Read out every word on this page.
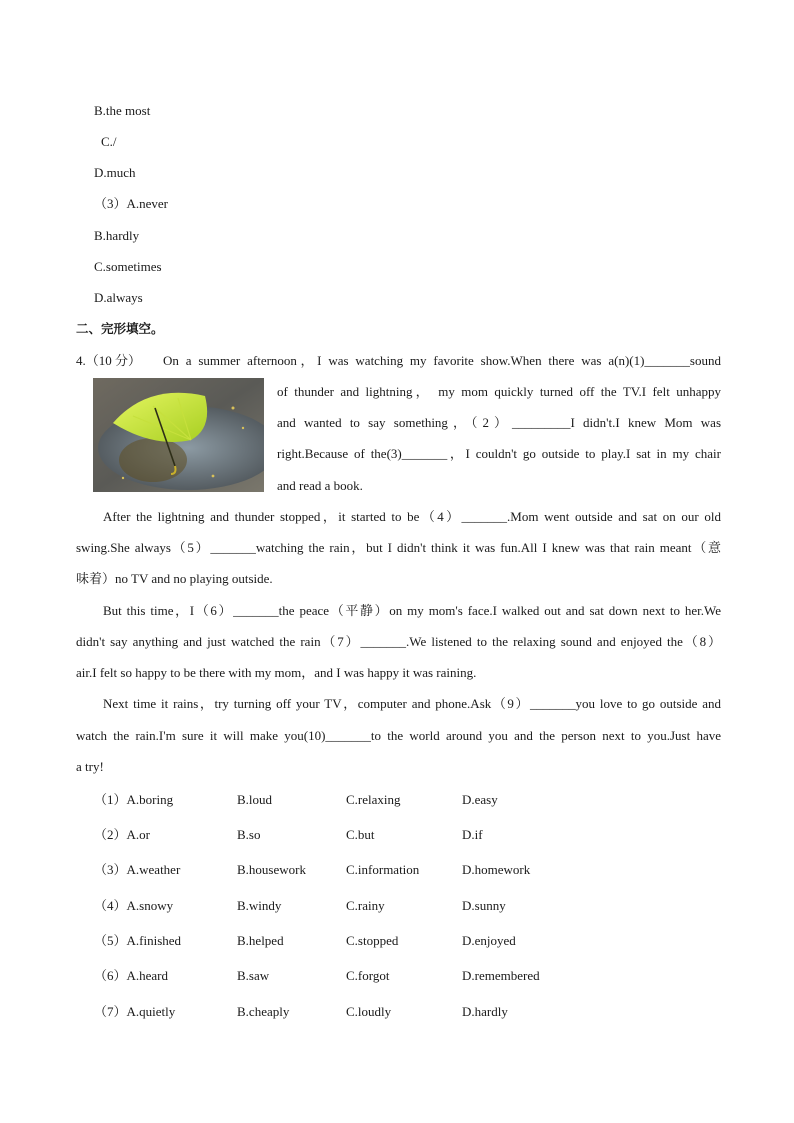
B.the most
C./
D.much
（3）A.never
B.hardly
C.sometimes
D.always
二、完形填空。
4.（10 分） On a summer afternoon，I was watching my favorite show.When there was a(n)(1)_______sound
of thunder and lightning， my mom quickly turned off the TV.I felt unhappy
and wanted to say something，（2）_________I didn't.I knew Mom was
right.Because of the(3)_______，I couldn't go outside to play.I sat in my chair
and read a book.
After the lightning and thunder stopped，it started to be（4）_______.Mom went outside and sat on our old
swing.She always（5）_______watching the rain，but I didn't think it was fun.All I knew was that rain meant（意
味着）no TV and no playing outside.
But this time，I（6）_______the peace（平静）on my mom's face.I walked out and sat down next to her.We
didn't say anything and just watched the rain（7）_______.We listened to the relaxing sound and enjoyed the（8）
air.I felt so happy to be there with my mom，and I was happy it was raining.
Next time it rains，try turning off your TV，computer and phone.Ask（9）_______you love to go outside and
watch the rain.I'm sure it will make you(10)_______to the world around you and the person next to you.Just have
a try!
（1）A.boring	B.loud	C.relaxing	D.easy
（2）A.or	B.so	C.but	D.if
（3）A.weather	B.housework	C.information	D.homework
（4）A.snowy	B.windy	C.rainy	D.sunny
（5）A.finished	B.helped	C.stopped	D.enjoyed
（6）A.heard	B.saw	C.forgot	D.remembered
（7）A.quietly	B.cheaply	C.loudly	D.hardly
